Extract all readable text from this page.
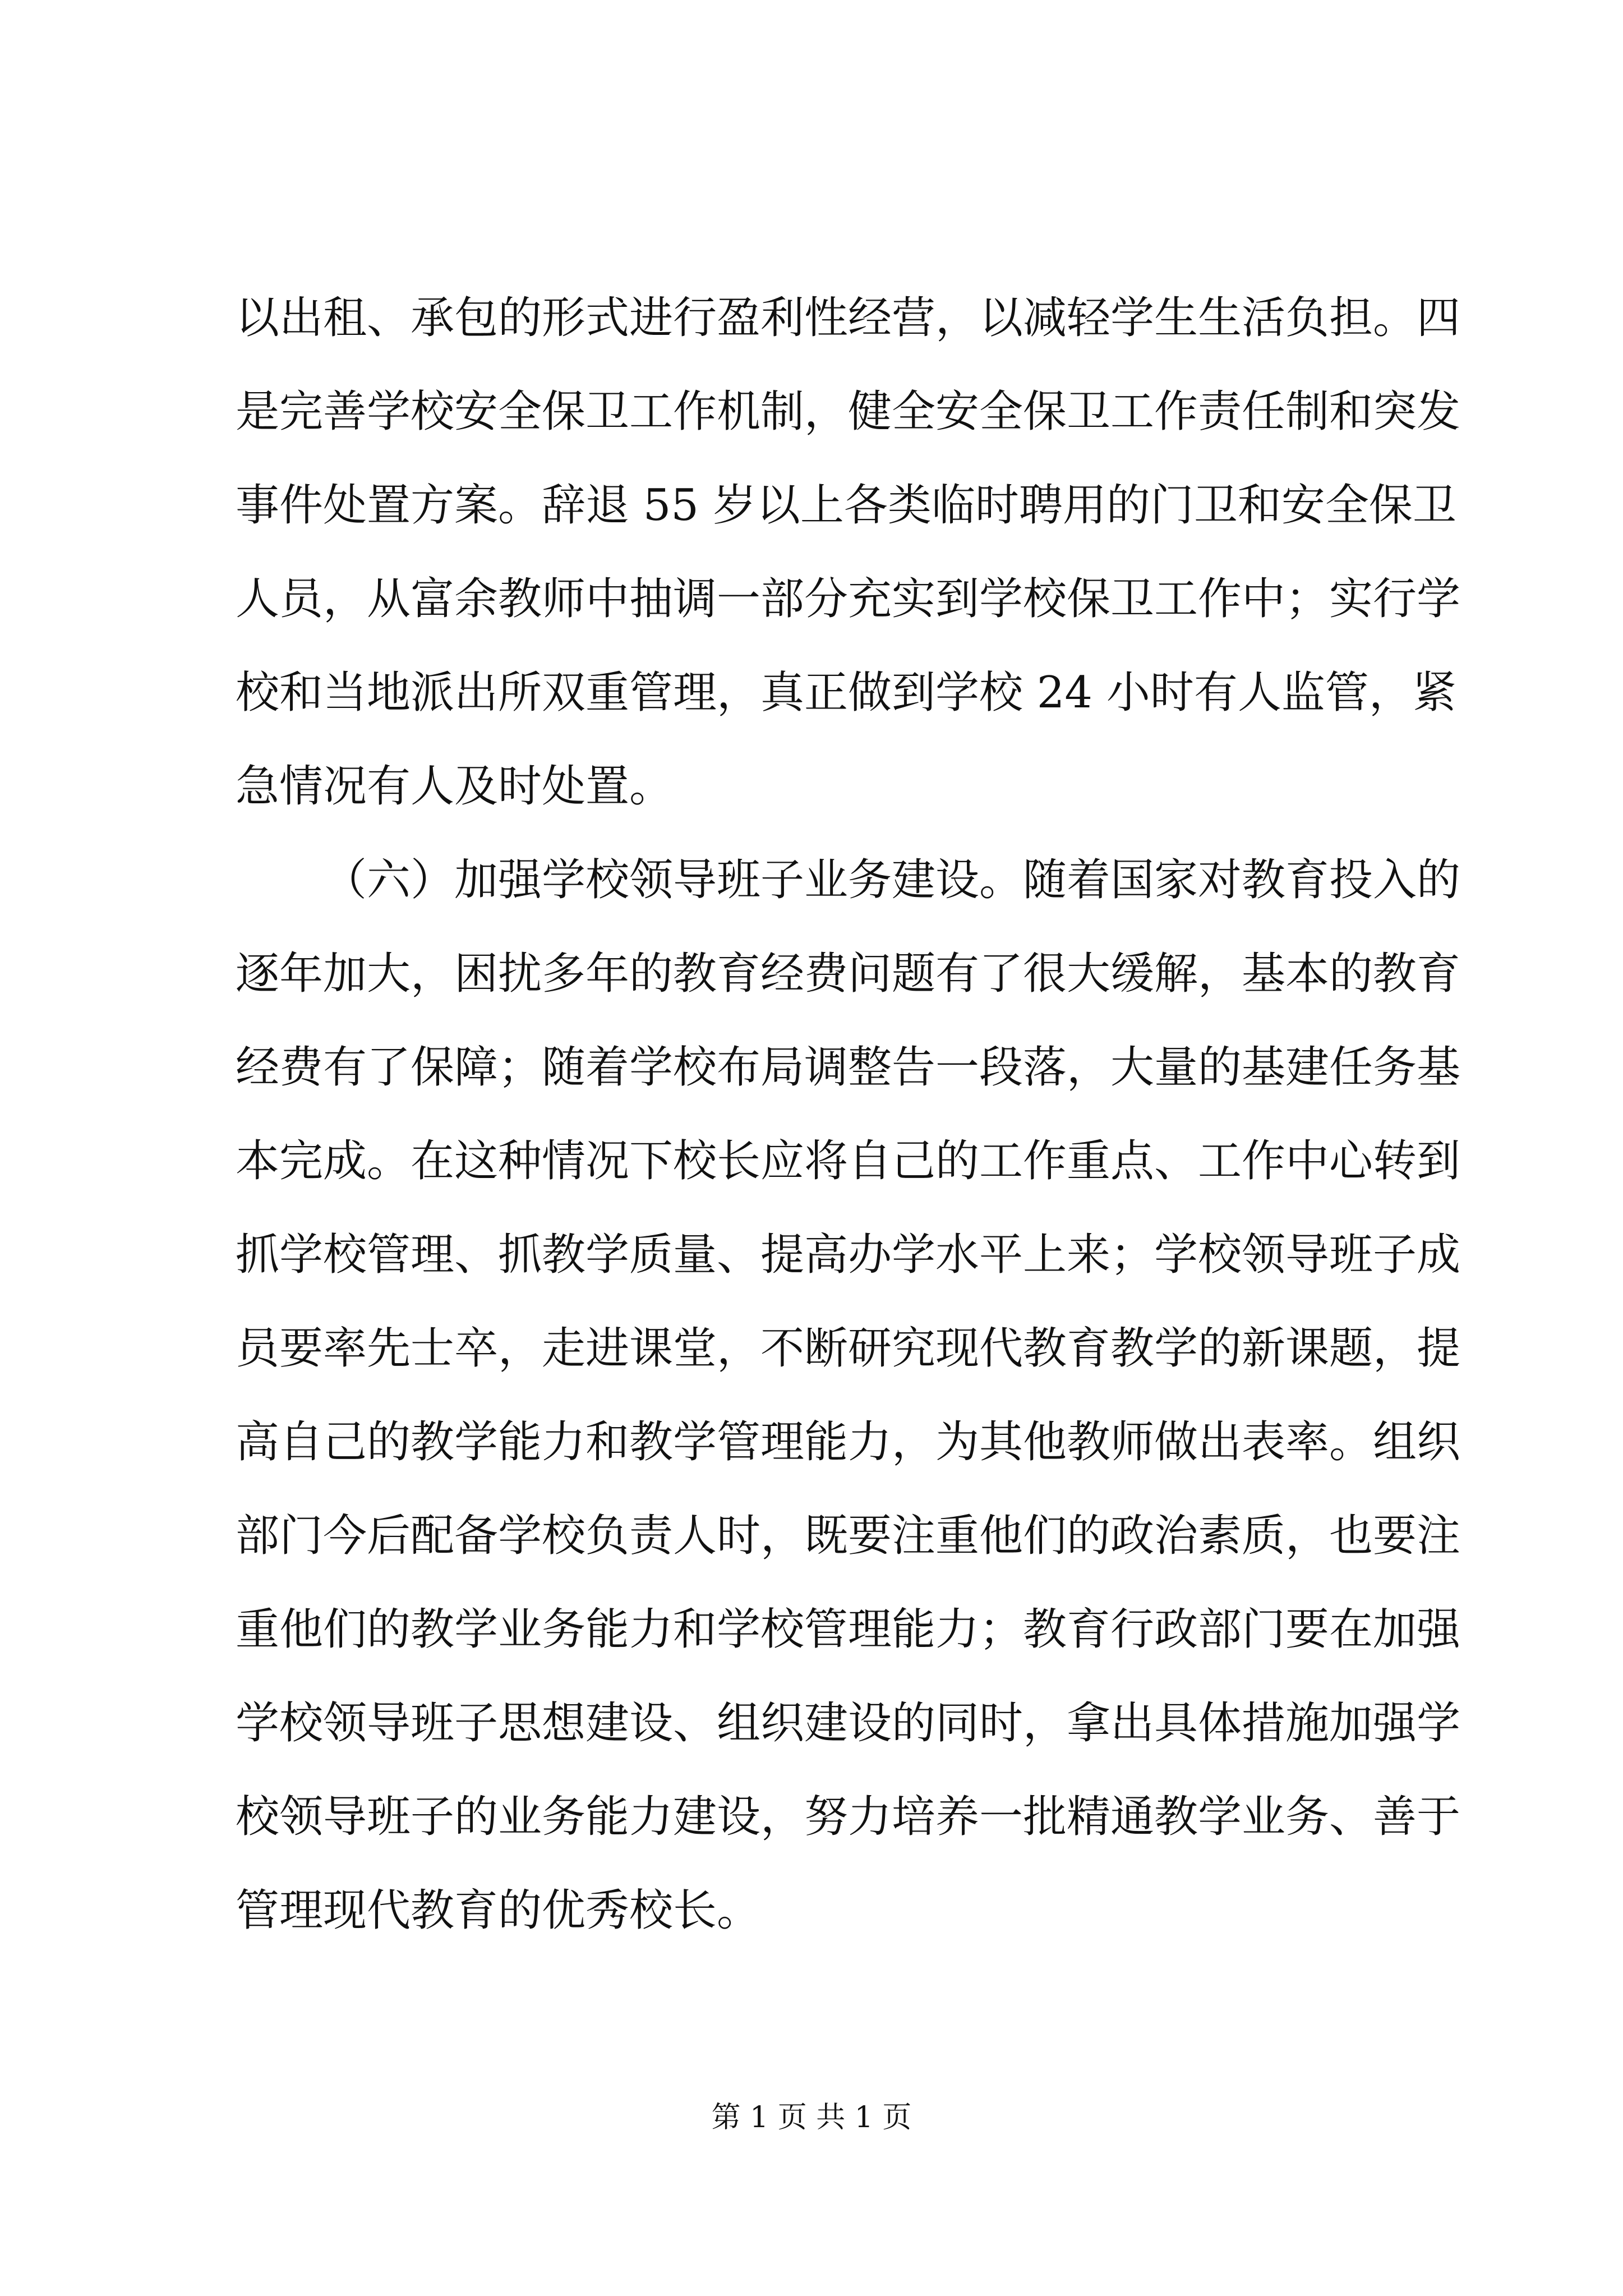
以出租、承包的形式进行盈利性经营，以减轻学生生活负担。四
是完善学校安全保卫工作机制，健全安全保卫工作责任制和突发
事件处置方案。辞退 55 岁以上各类临时聘用的门卫和安全保卫
人员，从富余教师中抽调一部分充实到学校保卫工作中；实行学
校和当地派出所双重管理，真正做到学校 24 小时有人监管，紧
急情况有人及时处置。
（六）加强学校领导班子业务建设。随着国家对教育投入的
逐年加大，困扰多年的教育经费问题有了很大缓解，基本的教育
经费有了保障；随着学校布局调整告一段落，大量的基建任务基
本完成。在这种情况下校长应将自己的工作重点、工作中心转到
抓学校管理、抓教学质量、提高办学水平上来；学校领导班子成
员要率先士卒，走进课堂，不断研究现代教育教学的新课题，提
高自己的教学能力和教学管理能力，为其他教师做出表率。组织
部门今后配备学校负责人时，既要注重他们的政治素质，也要注
重他们的教学业务能力和学校管理能力；教育行政部门要在加强
学校领导班子思想建设、组织建设的同时，拿出具体措施加强学
校领导班子的业务能力建设，努力培养一批精通教学业务、善于
管理现代教育的优秀校长。
第 1 页 共 1 页
